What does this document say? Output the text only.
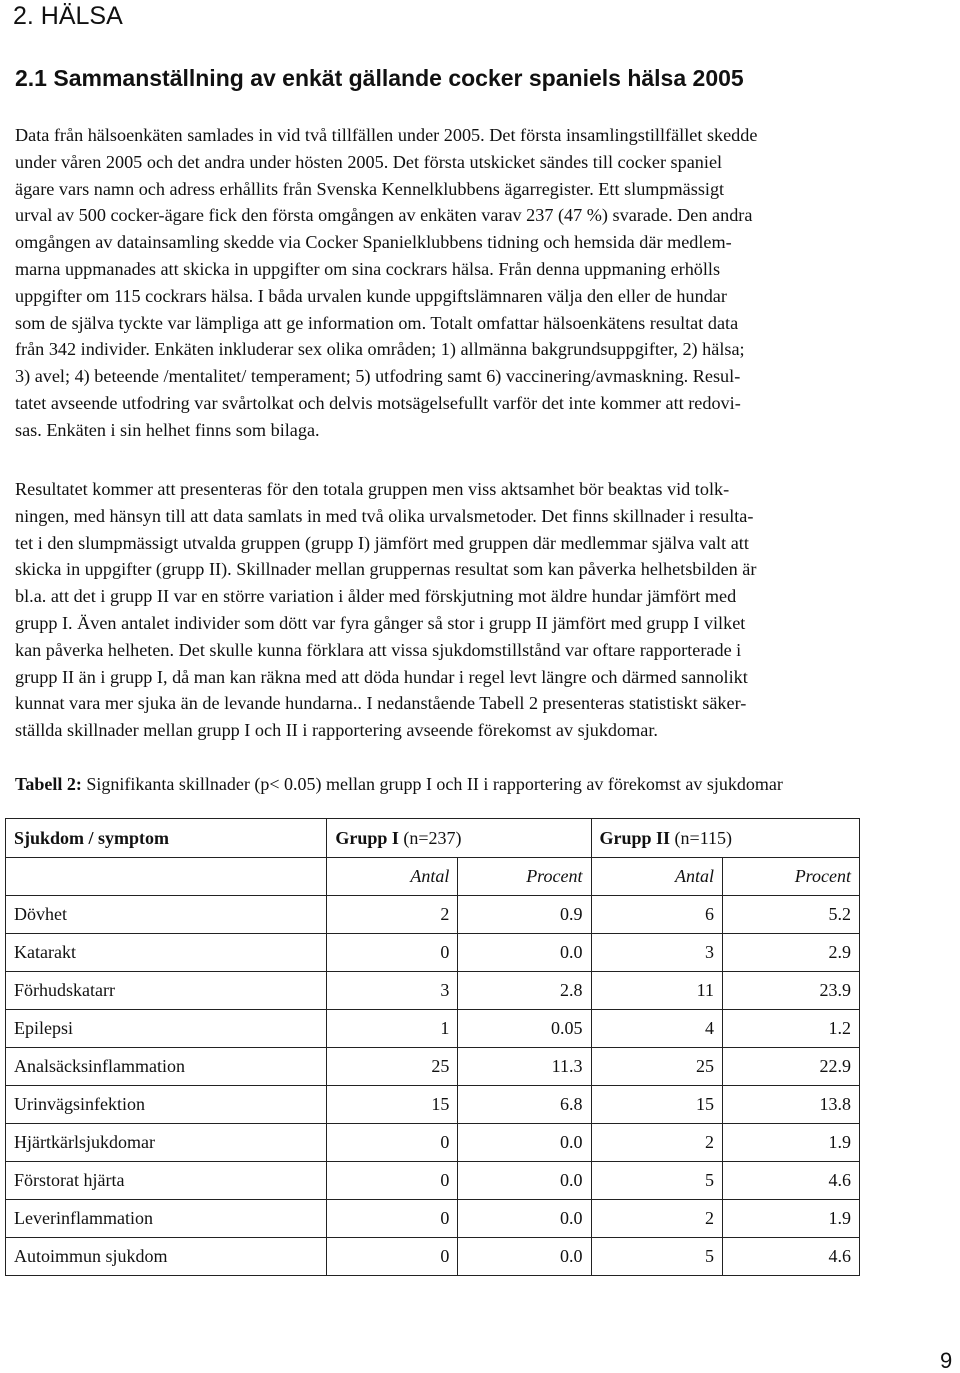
2. HÄLSA
2.1 Sammanställning av enkät gällande cocker spaniels hälsa 2005

Data från hälsoenkäten samlades in vid två tillfällen under 2005. Det första insamlingstillfället skedde
under våren 2005 och det andra under hösten 2005. Det första utskicket sändes till cocker spaniel
ägare vars namn och adress erhållits från Svenska Kennelklubbens ägarregister. Ett slumpmässigt
urval av 500 cocker-ägare fick den första omgången av enkäten varav 237 (47 %) svarade. Den andra
omgången av datainsamling skedde via Cocker Spanielklubbens tidning och hemsida där medlem-
marna uppmanades att skicka in uppgifter om sina cockrars hälsa. Från denna uppmaning erhölls
uppgifter om 115 cockrars hälsa. I båda urvalen kunde uppgiftslämnaren välja den eller de hundar
som de själva tyckte var lämpliga att ge information om. Totalt omfattar hälsoenkätens resultat data
från 342 individer. Enkäten inkluderar sex olika områden; 1) allmänna bakgrundsuppgifter, 2) hälsa;
3) avel; 4) beteende /mentalitet/ temperament; 5) utfodring samt 6) vaccinering/avmaskning. Resul-
tatet avseende utfodring var svårtolkat och delvis motsägelsefullt varför det inte kommer att redovi-
sas. Enkäten i sin helhet finns som bilaga.

Resultatet kommer att presenteras för den totala gruppen men viss aktsamhet bör beaktas vid tolk-
ningen, med hänsyn till att data samlats in med två olika urvalsmetoder. Det finns skillnader i resulta-
tet i den slumpmässigt utvalda gruppen (grupp I) jämfört med gruppen där medlemmar själva valt att
skicka in uppgifter (grupp II). Skillnader mellan gruppernas resultat som kan påverka helhetsbilden är
bl.a. att det i grupp II var en större variation i ålder med förskjutning mot äldre hundar jämfört med
grupp I. Även antalet individer som dött var fyra gånger så stor i grupp II jämfört med grupp I vilket
kan påverka helheten. Det skulle kunna förklara att vissa sjukdomstillstånd var oftare rapporterade i
grupp II än i grupp I, då man kan räkna med att döda hundar i regel levt längre och därmed sannolikt
kunnat vara mer sjuka än de levande hundarna.. I nedanstående Tabell 2 presenteras statistiskt säker-
ställda skillnader mellan grupp I och II i rapportering avseende förekomst av sjukdomar.

Tabell 2: Signifikanta skillnader (p< 0.05) mellan grupp I och II i rapportering av förekomst av sjukdomar
Sjukdom / symptom	Grupp I (n=237)		Grupp II (n=115)	
	Antal	Procent	Antal	Procent
Dövhet	2	0.9	6	5.2
Katarakt	0	0.0	3	2.9
Förhudskatarr	3	2.8	11	23.9
Epilepsi	1	0.05	4	1.2
Analsäcksinflammation	25	11.3	25	22.9
Urinvägsinfektion	15	6.8	15	13.8
Hjärtkärlsjukdomar	0	0.0	2	1.9
Förstorat hjärta	0	0.0	5	4.6
Leverinflammation	0	0.0	2	1.9
Autoimmun sjukdom	0	0.0	5	4.6
9
